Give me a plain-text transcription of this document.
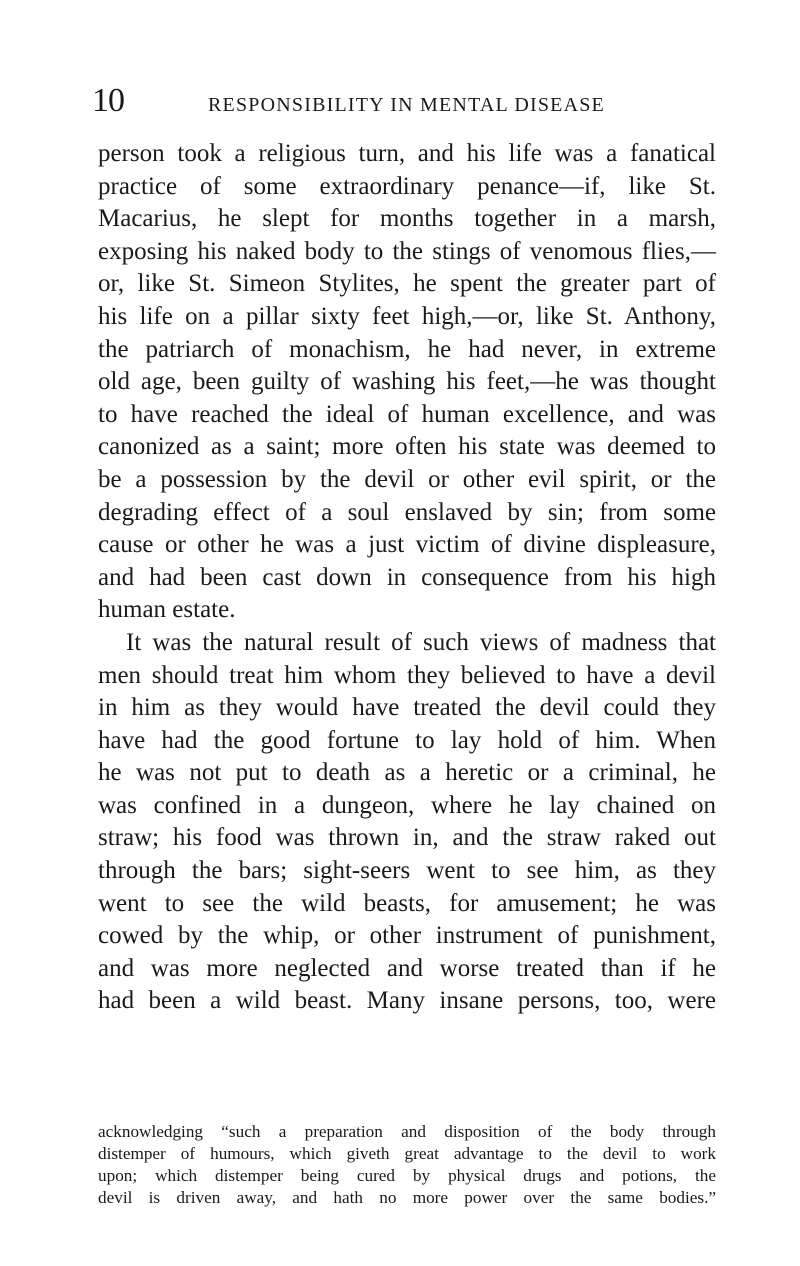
10	RESPONSIBILITY IN MENTAL DISEASE
person took a religious turn, and his life was a fanatical
practice of some extraordinary penance—if, like St.
Macarius, he slept for months together in a marsh,
exposing his naked body to the stings of venomous flies,—
or, like St. Simeon Stylites, he spent the greater part of
his life on a pillar sixty feet high,—or, like St. Anthony,
the patriarch of monachism, he had never, in extreme
old age, been guilty of washing his feet,—he was thought
to have reached the ideal of human excellence, and was
canonized as a saint; more often his state was deemed to
be a possession by the devil or other evil spirit, or the
degrading effect of a soul enslaved by sin; from some
cause or other he was a just victim of divine displeasure,
and had been cast down in consequence from his high
human estate.
It was the natural result of such views of madness that
men should treat him whom they believed to have a devil
in him as they would have treated the devil could they
have had the good fortune to lay hold of him. When
he was not put to death as a heretic or a criminal, he
was confined in a dungeon, where he lay chained on
straw; his food was thrown in, and the straw raked out
through the bars; sight-seers went to see him, as they
went to see the wild beasts, for amusement; he was
cowed by the whip, or other instrument of punishment,
and was more neglected and worse treated than if he
had been a wild beast. Many insane persons, too, were
acknowledging “such a preparation and disposition of the body through
distemper of humours, which giveth great advantage to the devil to work
upon; which distemper being cured by physical drugs and potions, the
devil is driven away, and hath no more power over the same bodies.”
